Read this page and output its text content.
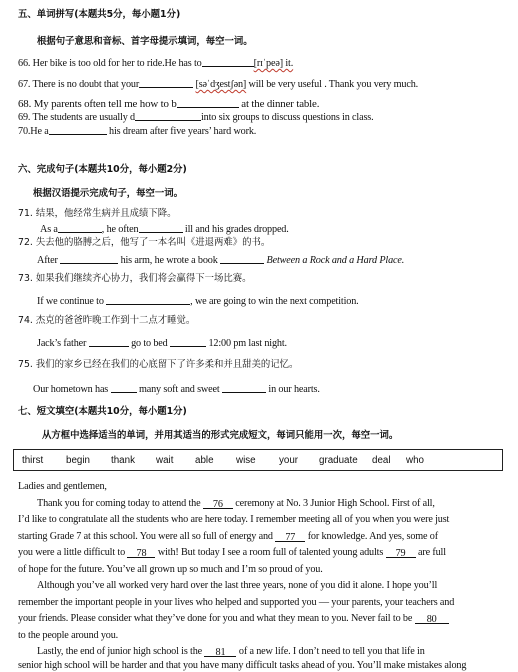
五、单词拼写(本题共5分，每小题1分)
根据句子意思和音标、首字母提示填词，每空一词。
66. Her bike is too old for her to ride.He has to	[rɪˈpeə] it.
67. There is no doubt that your	[səˈdʒestʃən] will be very useful . Thank you very much.
68. My parents often tell me how to b	at the dinner table.
69. The students are usually d	into six groups to discuss questions in class.
70.He a	his dream after five years’ hard work.
六、完成句子(本题共10分，每小题2分)
根据汉语提示完成句子，每空一词。
71. 结果，他经常生病并且成绩下降。
As a	, he often	ill and his grades dropped.
72. 失去他的胳膊之后，他写了一本名叫《进退两难》的书。
After	his arm, he wrote a book	Between a Rock and a Hard Place.
73. 如果我们继续齐心协力，我们将会赢得下一场比赛。
If we continue to	, we are going to win the next competition.
74. 杰克的爸爸昨晚工作到十二点才睡觉。
Jack’s father	go to bed	12:00 pm last night.
75. 我们的家乡已经在我们的心底留下了许多柔和并且甜美的记忆。
Our hometown has	many soft and sweet	in our hearts.
七、短文填空(本题共10分，每小题1分)
从方框中选择适当的单词，并用其适当的形式完成短文，每词只能用一次，每空一词。
thirst begin thank wait able wise your graduate deal who
Ladies and gentlemen,
Thank you for coming today to attend the 76 ceremony at No. 3 Junior High School. First of all,
I’d like to congratulate all the students who are here today. I remember meeting all of you when you were just
starting Grade 7 at this school. You were all so full of energy and 77 for knowledge. And yes, some of
you were a little difficult to 78 with! But today I see a room full of talented young adults 79 are full
of hope for the future. You’ve all grown up so much and I’m so proud of you.
Although you’ve all worked very hard over the last three years, none of you did it alone. I hope you’ll
remember the important people in your lives who helped and supported you — your parents, your teachers and
your friends. Please consider what they’ve done for you and what they mean to you. Never fail to be 80
to the people around you.
Lastly, the end of junior high school is the 81 of a new life. I don’t need to tell you that life in
senior high school will be harder and that you have many difficult tasks ahead of you. You’ll make mistakes along
